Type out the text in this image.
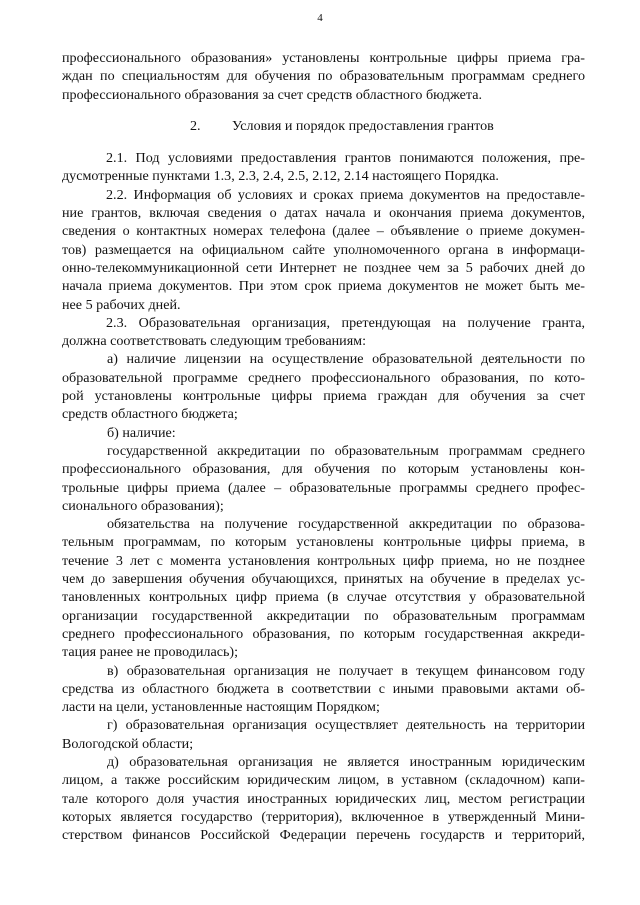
4
профессионального образования» установлены контрольные цифры приема гра-
ждан по специальностям для обучения по образовательным программам среднего
профессионального образования за счет средств областного бюджета.
2. Условия и порядок предоставления грантов
2.1. Под условиями предоставления грантов понимаются положения, пре-
дусмотренные пунктами 1.3, 2.3, 2.4, 2.5, 2.12, 2.14 настоящего Порядка.
2.2. Информация об условиях и сроках приема документов на предоставле-
ние грантов, включая сведения о датах начала и окончания приема документов,
сведения о контактных номерах телефона (далее – объявление о приеме докумен-
тов) размещается на официальном сайте уполномоченного органа в информаци-
онно-телекоммуникационной сети Интернет не позднее чем за 5 рабочих дней до
начала приема документов. При этом срок приема документов не может быть ме-
нее 5 рабочих дней.
2.3. Образовательная организация, претендующая на получение гранта,
должна соответствовать следующим требованиям:
а) наличие лицензии на осуществление образовательной деятельности по
образовательной программе среднего профессионального образования, по кото-
рой установлены контрольные цифры приема граждан для обучения за счет
средств областного бюджета;
б) наличие:
государственной аккредитации по образовательным программам среднего
профессионального образования, для обучения по которым установлены кон-
трольные цифры приема (далее – образовательные программы среднего профес-
сионального образования);
обязательства на получение государственной аккредитации по образова-
тельным программам, по которым установлены контрольные цифры приема, в
течение 3 лет с момента установления контрольных цифр приема, но не позднее
чем до завершения обучения обучающихся, принятых на обучение в пределах ус-
тановленных контрольных цифр приема (в случае отсутствия у образовательной
организации государственной аккредитации по образовательным программам
среднего профессионального образования, по которым государственная аккреди-
тация ранее не проводилась);
в) образовательная организация не получает в текущем финансовом году
средства из областного бюджета в соответствии с иными правовыми актами об-
ласти на цели, установленные настоящим Порядком;
г) образовательная организация осуществляет деятельность на территории
Вологодской области;
д) образовательная организация не является иностранным юридическим
лицом, а также российским юридическим лицом, в уставном (складочном) капи-
тале которого доля участия иностранных юридических лиц, местом регистрации
которых является государство (территория), включенное в утвержденный Мини-
стерством финансов Российской Федерации перечень государств и территорий,
